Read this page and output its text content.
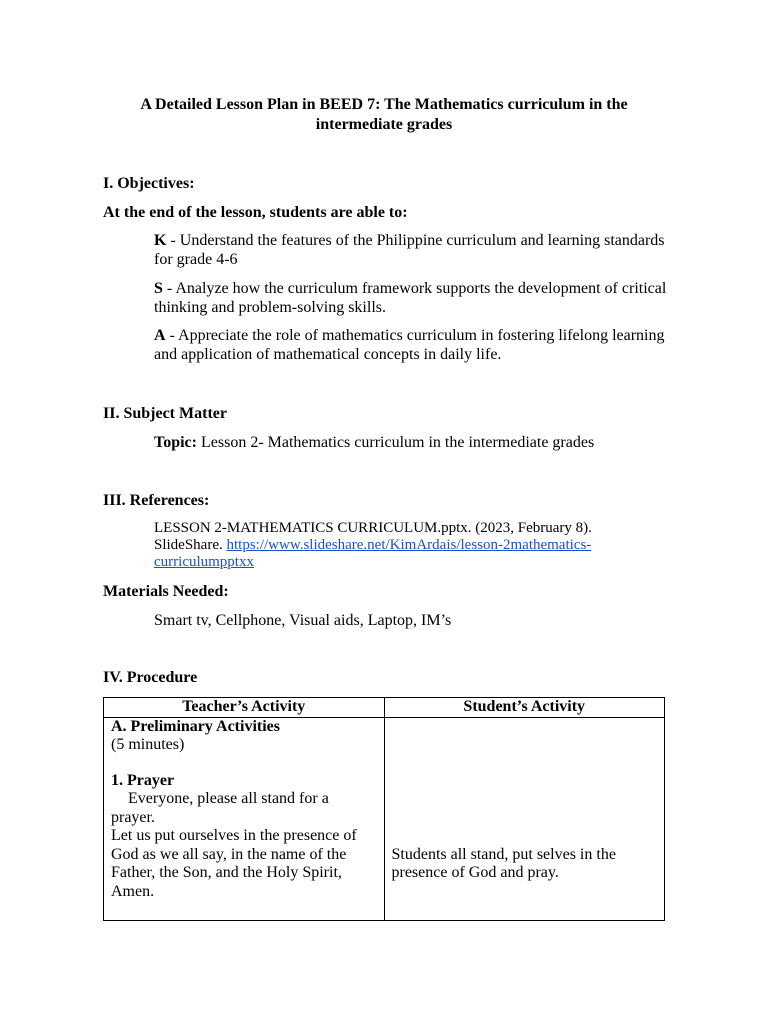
A Detailed Lesson Plan in BEED 7: The Mathematics curriculum in the intermediate grades
I. Objectives:
At the end of the lesson, students are able to:
K - Understand the features of the Philippine curriculum and learning standards for grade 4-6
S - Analyze how the curriculum framework supports the development of critical thinking and problem-solving skills.
A - Appreciate the role of mathematics curriculum in fostering lifelong learning and application of mathematical concepts in daily life.
II. Subject Matter
Topic: Lesson 2- Mathematics curriculum in the intermediate grades
III. References:
LESSON 2-MATHEMATICS CURRICULUM.pptx. (2023, February 8). SlideShare. https://www.slideshare.net/KimArdais/lesson-2mathematics-curriculumpptxx
Materials Needed:
Smart tv, Cellphone, Visual aids, Laptop, IM’s
IV. Procedure
Teacher’s Activity	Student’s Activity
A. Preliminary Activities
(5 minutes)
1. Prayer
Everyone, please all stand for a prayer.
Let us put ourselves in the presence of God as we all say, in the name of the Father, the Son, and the Holy Spirit, Amen.	Students all stand, put selves in the presence of God and pray.
